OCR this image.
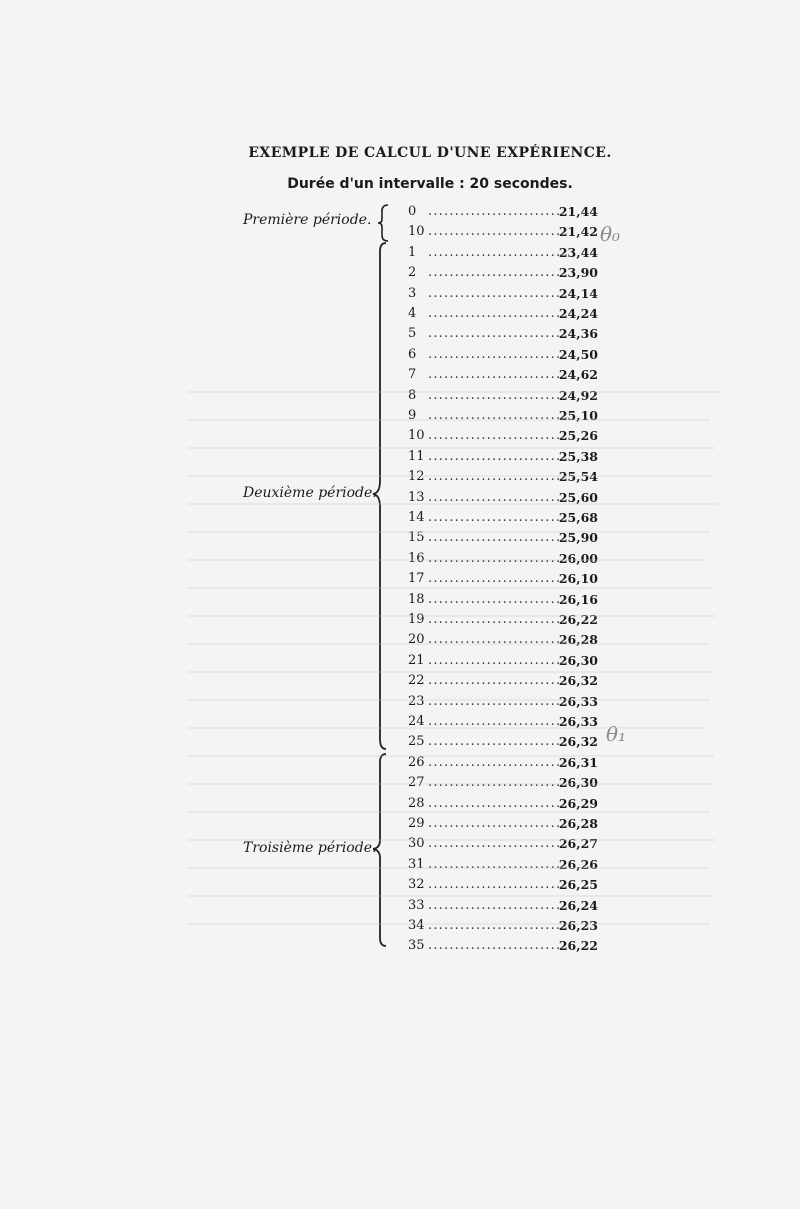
EXEMPLE DE CALCUL D'UNE EXPÉRIENCE.
Durée d'un intervalle : 20 secondes.
Première période.
Deuxième période.
Troisième période.
0 .....	21,44
10 .....	21,42
1 .....	23,44
2 .....	23,90
3 .....	24,14
4 .....	24,24
5 .....	24,36
6 .....	24,50
7 .....	24,62
8 .....	24,92
9 .....	25,10
10 .....	25,26
11 .....	25,38
12 .....	25,54
13 .....	25,60
14 .....	25,68
15 .....	25,90
16 .....	26,00
17 .....	26,10
18 .....	26,16
19 .....	26,22
20 .....	26,28
21 .....	26,30
22 .....	26,32
23 .....	26,33
24 .....	26,33
25 .....	26,32
26 .....	26,31
27 .....	26,30
28 .....	26,29
29 .....	26,28
30 .....	26,27
31 .....	26,26
32 .....	26,25
33 .....	26,24
34 .....	26,23
35 .....	26,22
θ₀
θ₁
